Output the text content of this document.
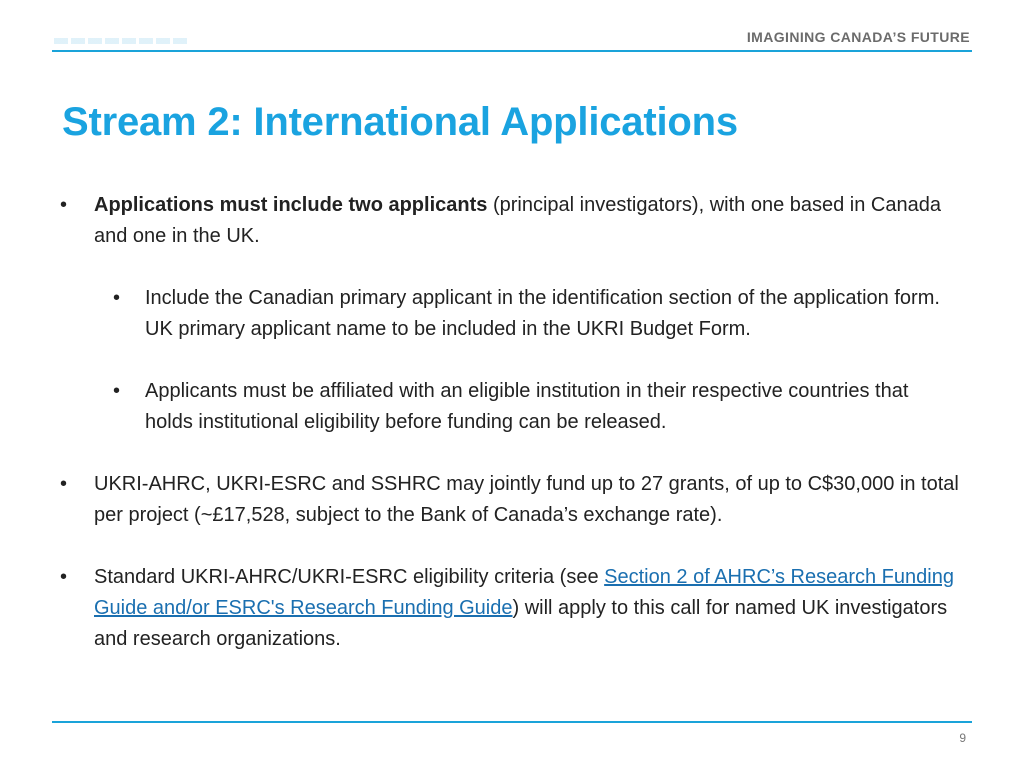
IMAGINING CANADA’S FUTURE
Stream 2: International Applications
• Applications must include two applicants (principal investigators), with one based in Canada and one in the UK.
• Include the Canadian primary applicant in the identification section of the application form. UK primary applicant name to be included in the UKRI Budget Form.
• Applicants must be affiliated with an eligible institution in their respective countries that holds institutional eligibility before funding can be released.
• UKRI-AHRC, UKRI-ESRC and SSHRC may jointly fund up to 27 grants, of up to C$30,000 in total per project (~£17,528, subject to the Bank of Canada’s exchange rate).
• Standard UKRI-AHRC/UKRI-ESRC eligibility criteria (see Section 2 of AHRC’s Research Funding Guide and/or ESRC's Research Funding Guide) will apply to this call for named UK investigators and research organizations.
9
